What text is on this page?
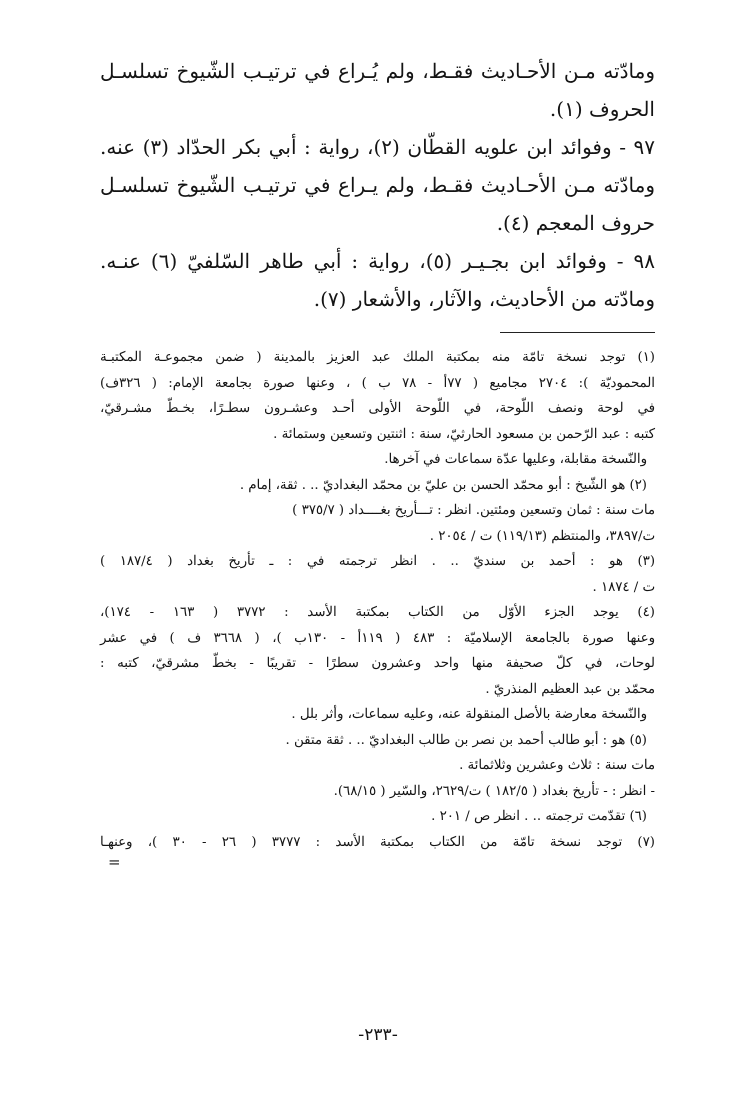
ومادّته مـن الأحـاديث فقـط، ولم يُـراع في ترتيـب الشّيوخ تسلسـل
الحروف (١).
٩٧ - وفوائد ابن علويه القطّان (٢)، رواية : أبي بكر الحدّاد (٣) عنه.
ومادّته مـن الأحـاديث فقـط، ولم يـراع في ترتيـب الشّيوخ تسلسـل
حروف المعجم (٤).
٩٨ - وفوائد ابن بجـيـر (٥)، رواية : أبي طاهر السّلفيّ (٦) عنـه.
ومادّته من الأحاديث، والآثار، والأشعار (٧).
(١) توجد نسخة تامّة منه بمكتبة الملك عبد العزيز بالمدينة ( ضمن مجموعـة المكتبـة
المحموديّة ): ٢٧٠٤ مجاميع ( ٧٧أ - ٧٨ ب ) ، وعنها صورة بجامعة الإمام: ( ٣٢٦ف)
في لوحة ونصف اللّوحة، في اللّوحة الأولى أحـد وعشـرون سطـرًا، بخـطّ مشـرقيّ،
كتبه : عبد الرّحمن بن مسعود الحارثيّ، سنة : اثنتين وتسعين وستمائة .
والنّسخة مقابلة، وعليها عدّة سماعات في آخرها.
(٢) هو الشّيخ : أبو محمّد الحسن بن عليّ بن محمّد البغداديّ .. . ثقة، إمام .
مات سنة : ثمان وتسعين ومئتين. انظر : تـــأريخ بغــــداد ( ٣٧٥/٧ )
ت/٣٨٩٧، والمنتظم (١١٩/١٣) ت / ٢٠٥٤ .
(٣) هو : أحمد بن سنديّ .. . انظر ترجمته في : ـ تأريخ بغداد ( ١٨٧/٤ )
ت / ١٨٧٤ .
(٤) يوجد الجزء الأوّل من الكتاب بمكتبة الأسد : ٣٧٧٢ ( ١٦٣ - ١٧٤)،
وعنها صورة بالجامعة الإسلاميّة : ٤٨٣ ( ١١٩أ - ١٣٠ب )، ( ٣٦٦٨ ف ) في عشر
لوحات، في كلّ صحيفة منها واحد وعشرون سطرًا - تقريبًا - بخطّ مشرقيّ، كتبه :
محمّد بن عبد العظيم المنذريّ .
والنّسخة معارضة بالأصل المنقولة عنه، وعليه سماعات، وأثر بلل .
(٥) هو : أبو طالب أحمد بن نصر بن طالب البغداديّ .. . ثقة متقن .
مات سنة : ثلاث وعشرين وثلاثمائة .
- انظر : - تأريخ بغداد ( ١٨٢/٥ ) ت/٢٦٢٩، والسّير ( ٦٨/١٥).
(٦) تقدّمت ترجمته .. . انظر ص / ٢٠١ .
(٧) توجد نسخة تامّة من الكتاب بمكتبة الأسد : ٣٧٧٧ ( ٢٦ - ٣٠ )، وعنهـا
=
-٢٣٣-
